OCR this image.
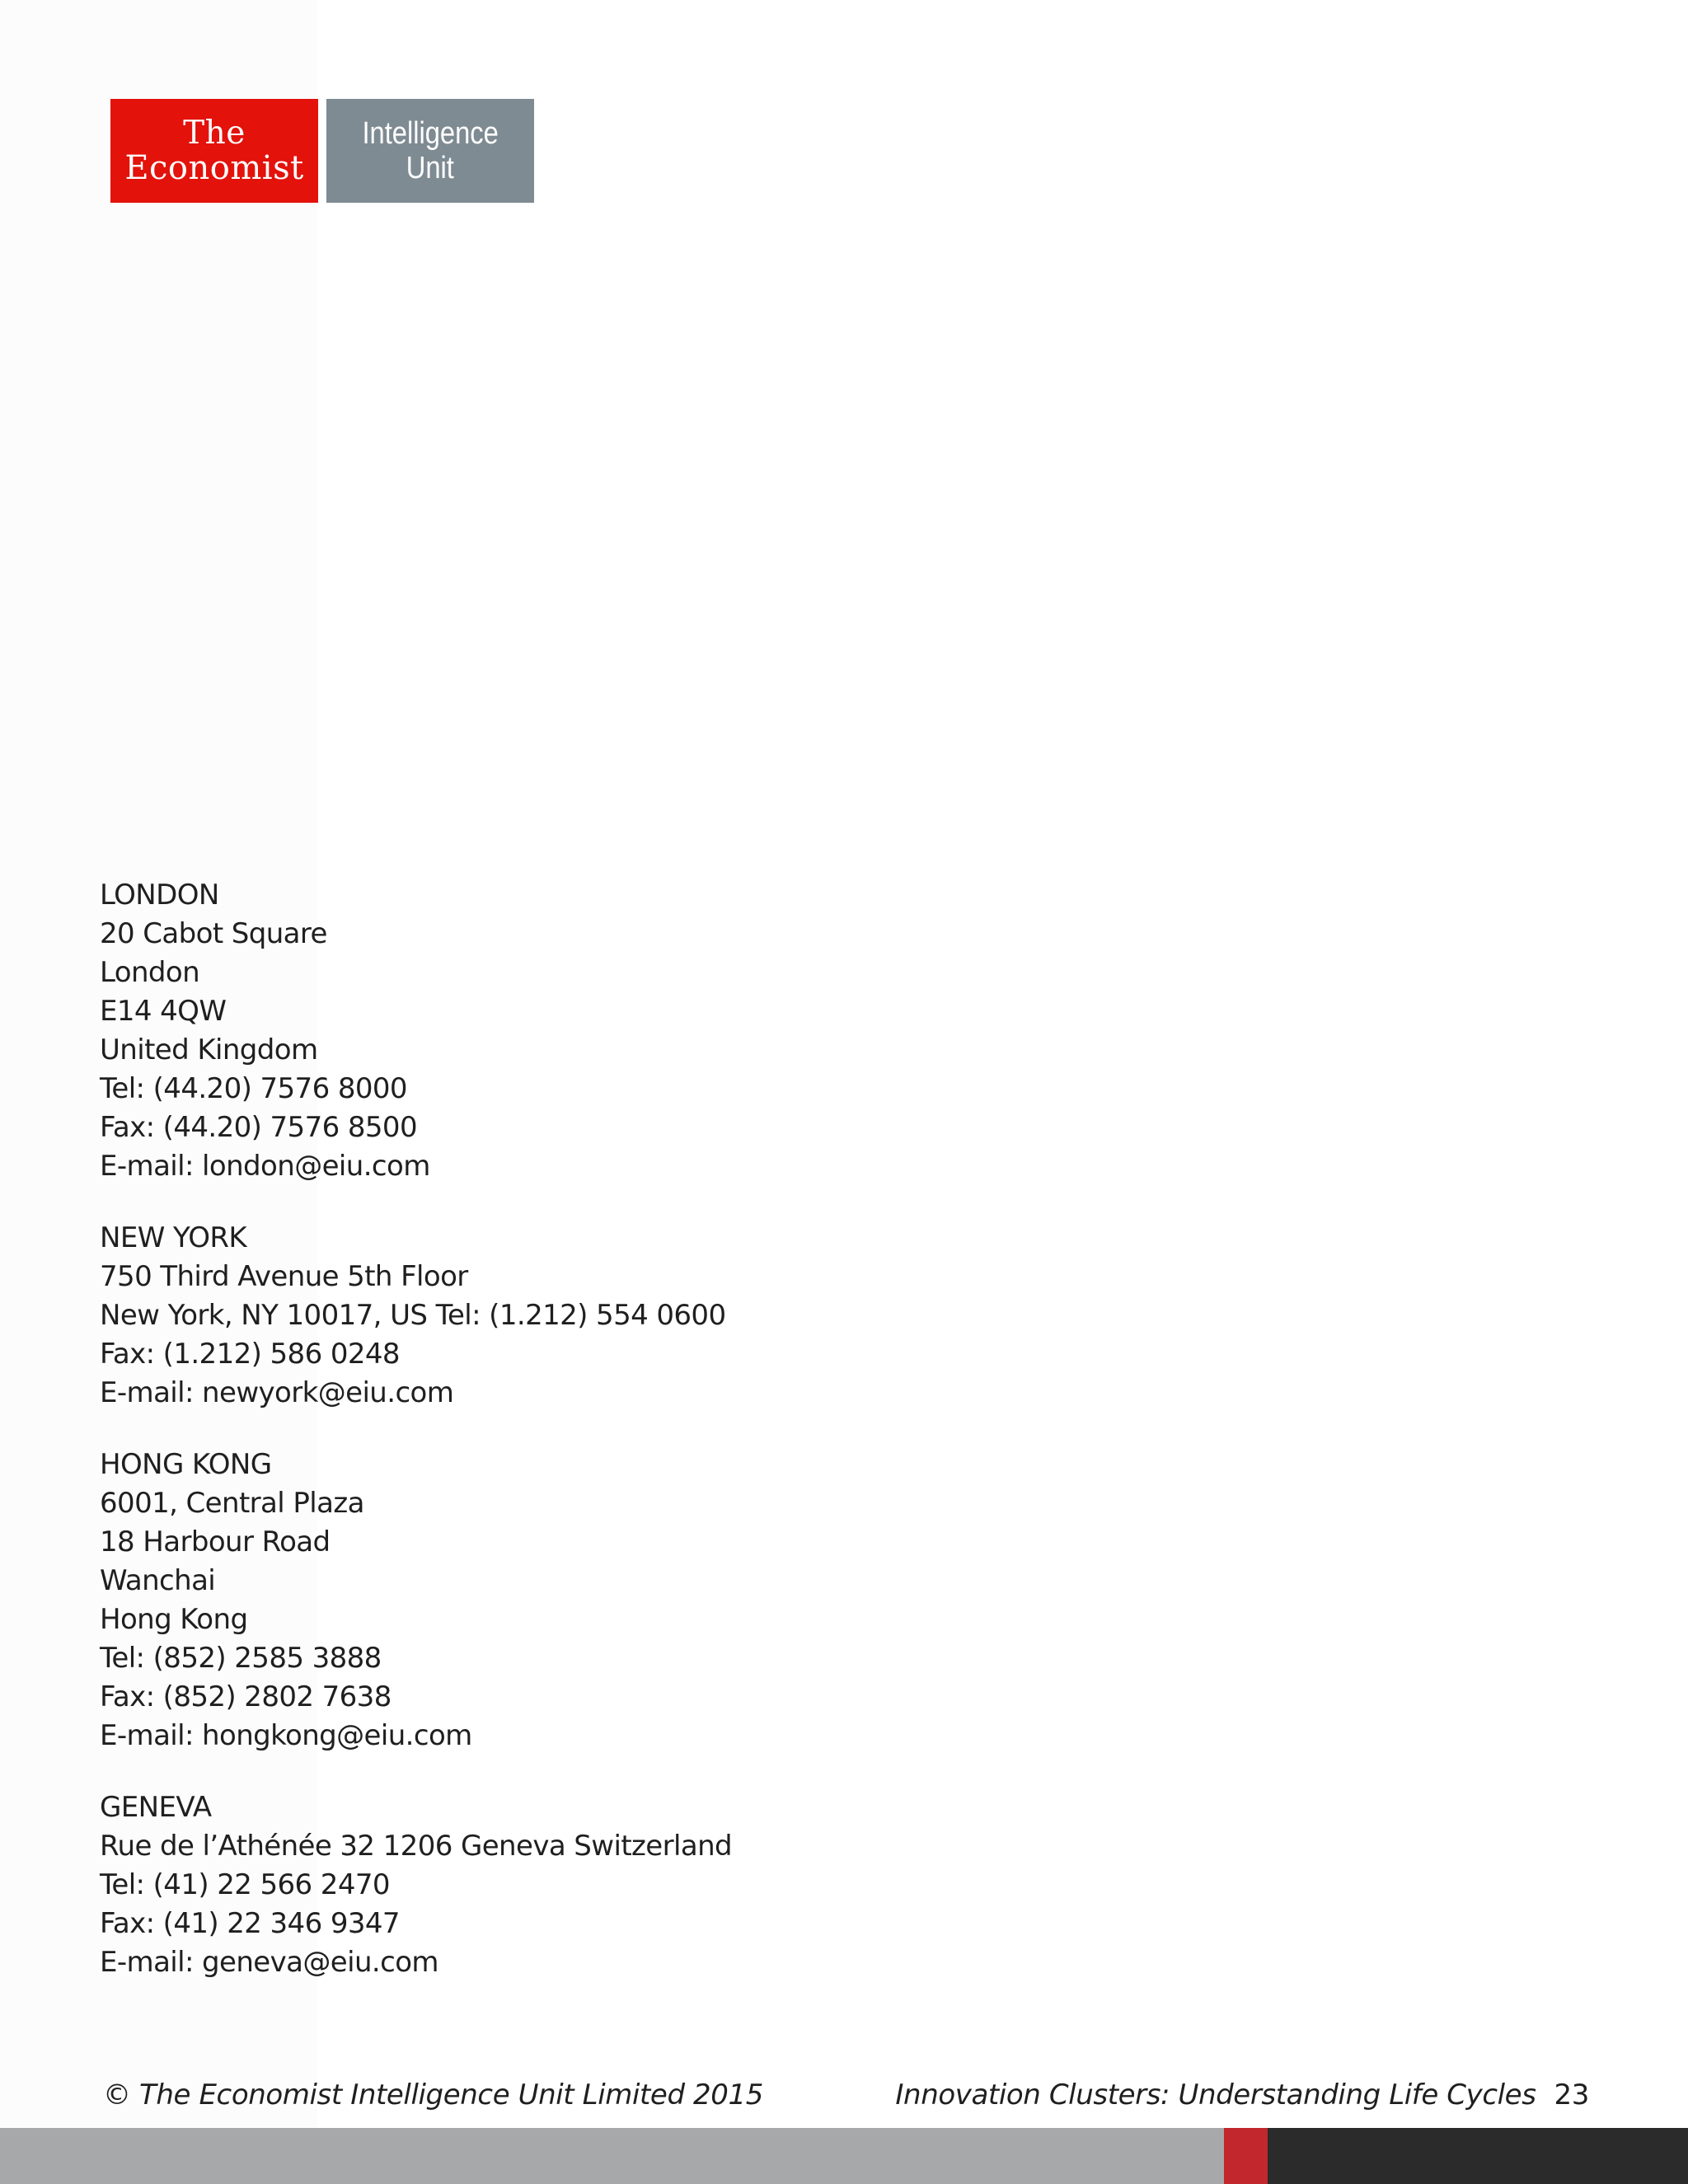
The
Economist
Intelligence
Unit
LONDON
20 Cabot Square
London
E14 4QW
United Kingdom
Tel: (44.20) 7576 8000
Fax: (44.20) 7576 8500
E-mail: london@eiu.com
NEW YORK
750 Third Avenue 5th Floor
New York, NY 10017, US Tel: (1.212) 554 0600
Fax: (1.212) 586 0248
E-mail: newyork@eiu.com
HONG KONG
6001, Central Plaza
18 Harbour Road
Wanchai
Hong Kong
Tel: (852) 2585 3888
Fax: (852) 2802 7638
E-mail: hongkong@eiu.com
GENEVA
Rue de l’Athénée 32 1206 Geneva Switzerland
Tel: (41) 22 566 2470
Fax: (41) 22 346 9347
E-mail: geneva@eiu.com
© The Economist Intelligence Unit Limited 2015	Innovation Clusters: Understanding Life Cycles 23
